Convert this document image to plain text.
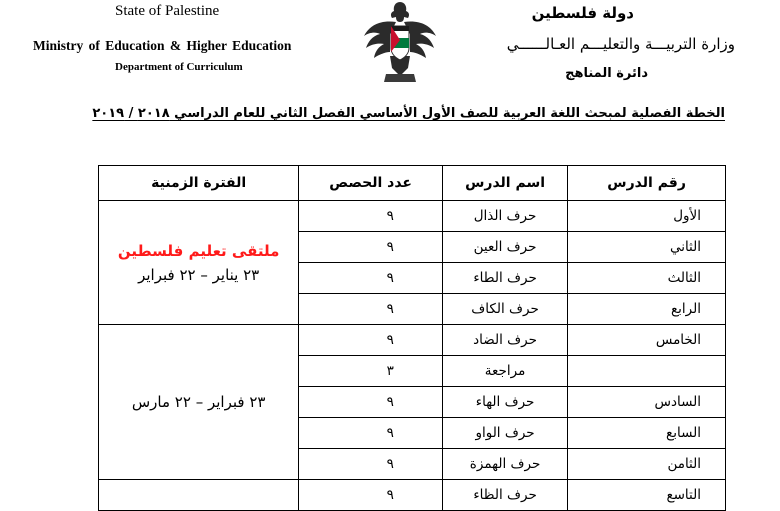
State of Palestine
Ministry of Education & Higher Education
Department of Curriculum
دولة فلسطين
وزارة التربيـــة والتعليـــم العـالــــــي
دائرة المناهج
الخطة الفصلية لمبحث اللغة العربية للصف الأول الأساسي الفصل الثاني للعام الدراسي ٢٠١٨ / ٢٠١٩
رقم الدرس	اسم الدرس	عدد الحصص	الفترة الزمنية
الأول	حرف الذال	٩	ملتقى تعليم فلسطين
٢٣ يناير – ٢٢ فبراير

الثاني	حرف العين	٩	
الثالث	حرف الطاء	٩	
الرابع	حرف الكاف	٩	
الخامس	حرف الضاد	٩	٢٣ فبراير – ٢٢ مارس

	مراجعة	٣	
السادس	حرف الهاء	٩	
السابع	حرف الواو	٩	
الثامن	حرف الهمزة	٩	
التاسع	حرف الظاء	٩	
